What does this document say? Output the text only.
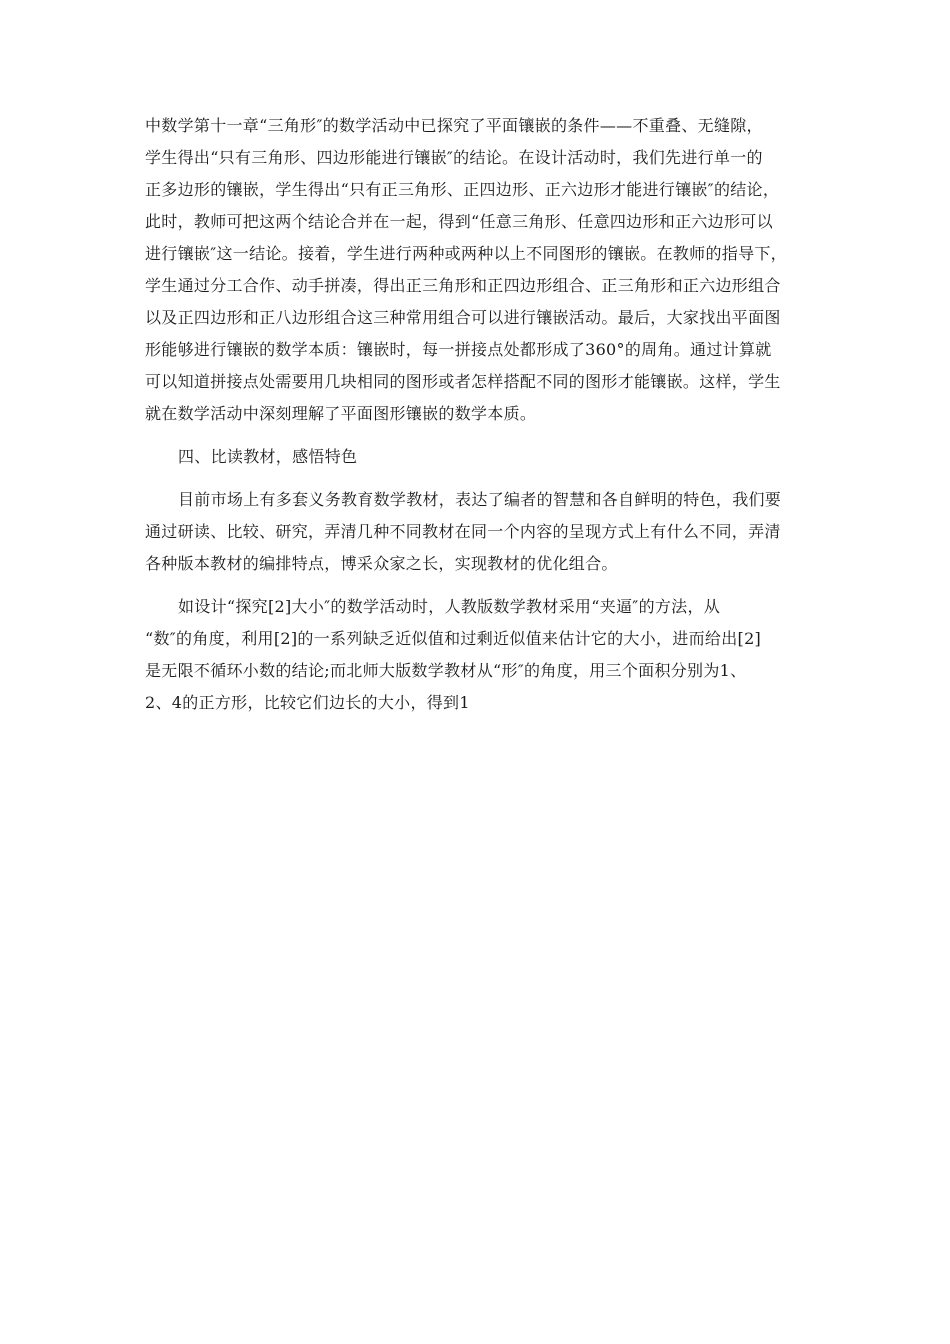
中数学第十一章“三角形″的数学活动中已探究了平面镶嵌的条件——不重叠、无缝隙，
学生得出“只有三角形、四边形能进行镶嵌″的结论。在设计活动时，我们先进行单一的
正多边形的镶嵌，学生得出“只有正三角形、正四边形、正六边形才能进行镶嵌″的结论，
此时，教师可把这两个结论合并在一起，得到“任意三角形、任意四边形和正六边形可以
进行镶嵌″这一结论。接着，学生进行两种或两种以上不同图形的镶嵌。在教师的指导下，
学生通过分工合作、动手拼凑，得出正三角形和正四边形组合、正三角形和正六边形组合
以及正四边形和正八边形组合这三种常用组合可以进行镶嵌活动。最后，大家找出平面图
形能够进行镶嵌的数学本质：镶嵌时，每一拼接点处都形成了360°的周角。通过计算就
可以知道拼接点处需要用几块相同的图形或者怎样搭配不同的图形才能镶嵌。这样，学生
就在数学活动中深刻理解了平面图形镶嵌的数学本质。
四、比读教材，感悟特色
目前市场上有多套义务教育数学教材，表达了编者的智慧和各自鲜明的特色，我们要
通过研读、比较、研究，弄清几种不同教材在同一个内容的呈现方式上有什么不同，弄清
各种版本教材的编排特点，博采众家之长，实现教材的优化组合。
如设计“探究[2]大小″的数学活动时，人教版数学教材采用“夹逼″的方法，从
“数″的角度，利用[2]的一系列缺乏近似值和过剩近似值来估计它的大小，进而给出[2]
是无限不循环小数的结论;而北师大版数学教材从“形″的角度，用三个面积分别为1、
2、4的正方形，比较它们边长的大小，得到1
